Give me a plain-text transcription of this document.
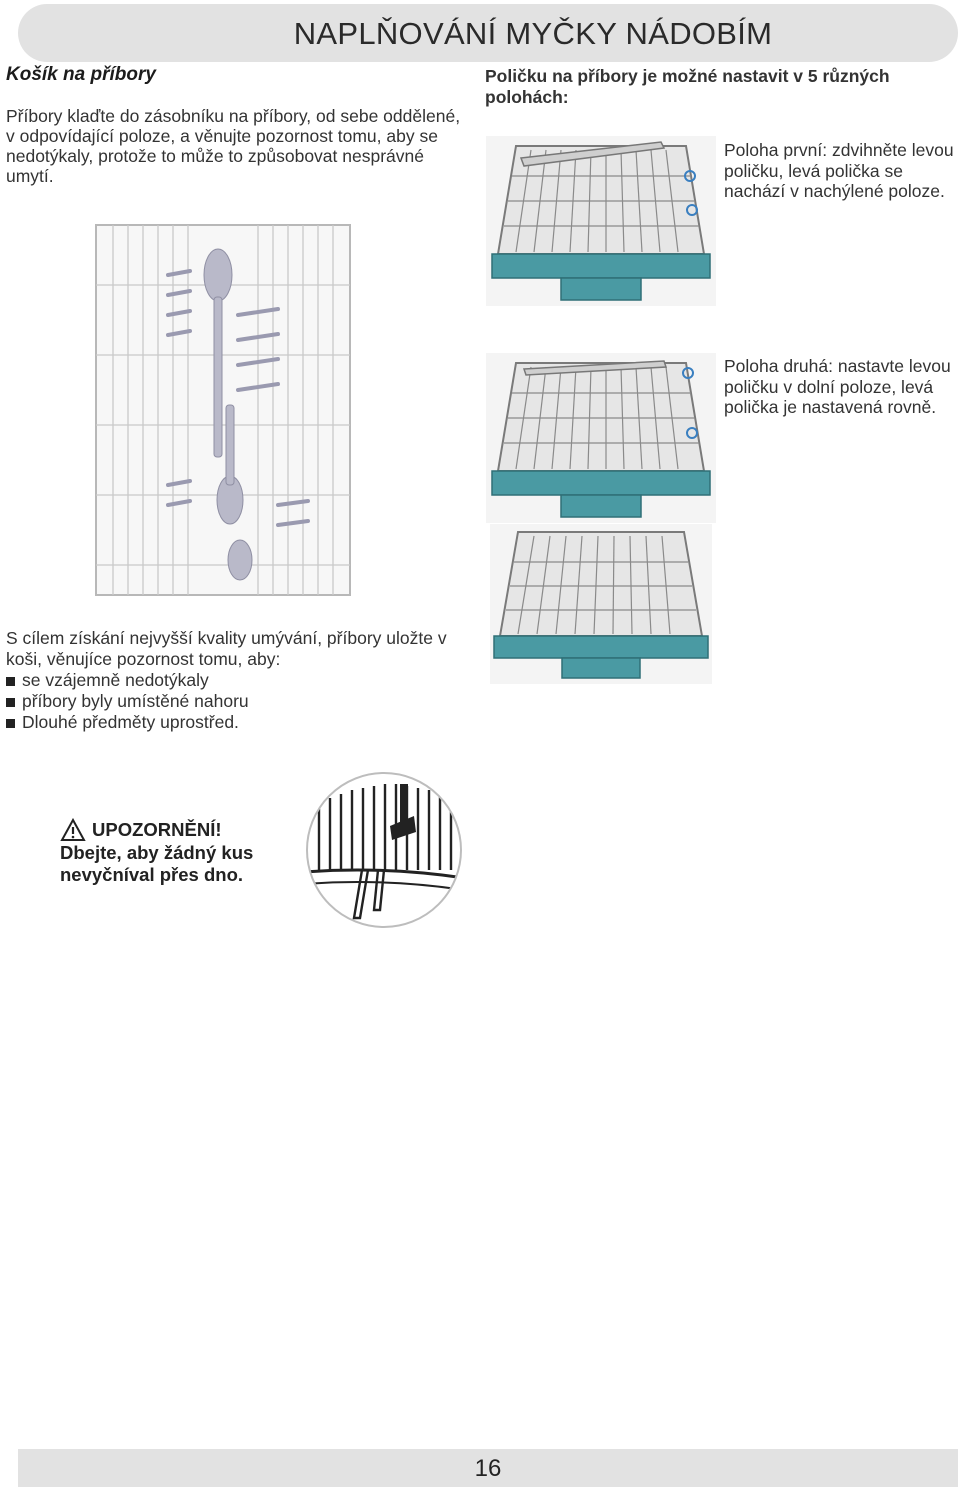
NAPLŇOVÁNÍ MYČKY NÁDOBÍM
Košík na příbory
Příbory klaďte do zásobníku na příbory, od sebe oddělené, v odpovídající poloze, a věnujte pozornost tomu, aby se nedotýkaly, protože to může to způsobovat nesprávné umytí.
Poličku na příbory je možné nastavit v 5 různých polohách:
Poloha první: zdvihněte levou poličku, levá polička se nachází v nachýlené poloze.
Poloha druhá: nastavte levou poličku v dolní poloze, levá polička je nastavená rovně.
S cílem získání nejvyšší kvality umývání, příbory uložte v koši, věnujíce pozornost tomu, aby:
se vzájemně nedotýkaly
příbory byly umístěné nahoru
Dlouhé předměty uprostřed.
UPOZORNĚNÍ!
Dbejte, aby žádný kus nevyčníval přes dno.
16
